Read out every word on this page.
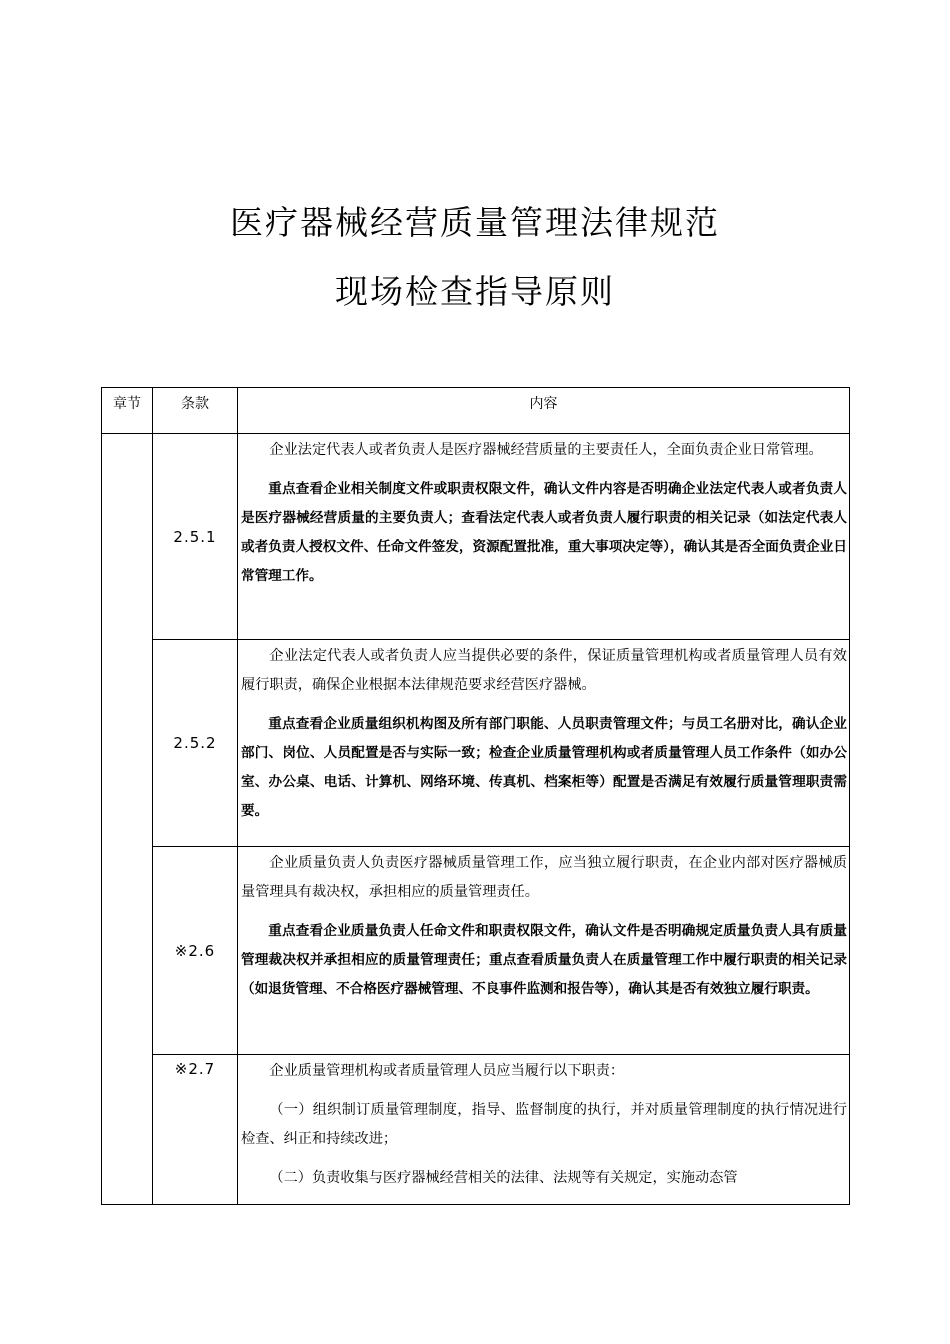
医疗器械经营质量管理法律规范
现场检查指导原则
章节	条款	内容
	2.5.1	企业法定代表人或者负责人是医疗器械经营质量的主要责任人，全面负责企业日常管理。

重点查看企业相关制度文件或职责权限文件，确认文件内容是否明确企业法定代表人或者负责人是医疗器械经营质量的主要负责人；查看法定代表人或者负责人履行职责的相关记录（如法定代表人或者负责人授权文件、任命文件签发，资源配置批准，重大事项决定等），确认其是否全面负责企业日常管理工作。

	2.5.2	企业法定代表人或者负责人应当提供必要的条件，保证质量管理机构或者质量管理人员有效履行职责，确保企业根据本法律规范要求经营医疗器械。

重点查看企业质量组织机构图及所有部门职能、人员职责管理文件；与员工名册对比，确认企业部门、岗位、人员配置是否与实际一致；检查企业质量管理机构或者质量管理人员工作条件（如办公室、办公桌、电话、计算机、网络环境、传真机、档案柜等）配置是否满足有效履行质量管理职责需要。

	※2.6	企业质量负责人负责医疗器械质量管理工作，应当独立履行职责，在企业内部对医疗器械质量管理具有裁决权，承担相应的质量管理责任。

重点查看企业质量负责人任命文件和职责权限文件，确认文件是否明确规定质量负责人具有质量管理裁决权并承担相应的质量管理责任；重点查看质量负责人在质量管理工作中履行职责的相关记录（如退货管理、不合格医疗器械管理、不良事件监测和报告等），确认其是否有效独立履行职责。

	※2.7	企业质量管理机构或者质量管理人员应当履行以下职责：

（一）组织制订质量管理制度，指导、监督制度的执行，并对质量管理制度的执行情况进行检查、纠正和持续改进；

（二）负责收集与医疗器械经营相关的法律、法规等有关规定，实施动态管
